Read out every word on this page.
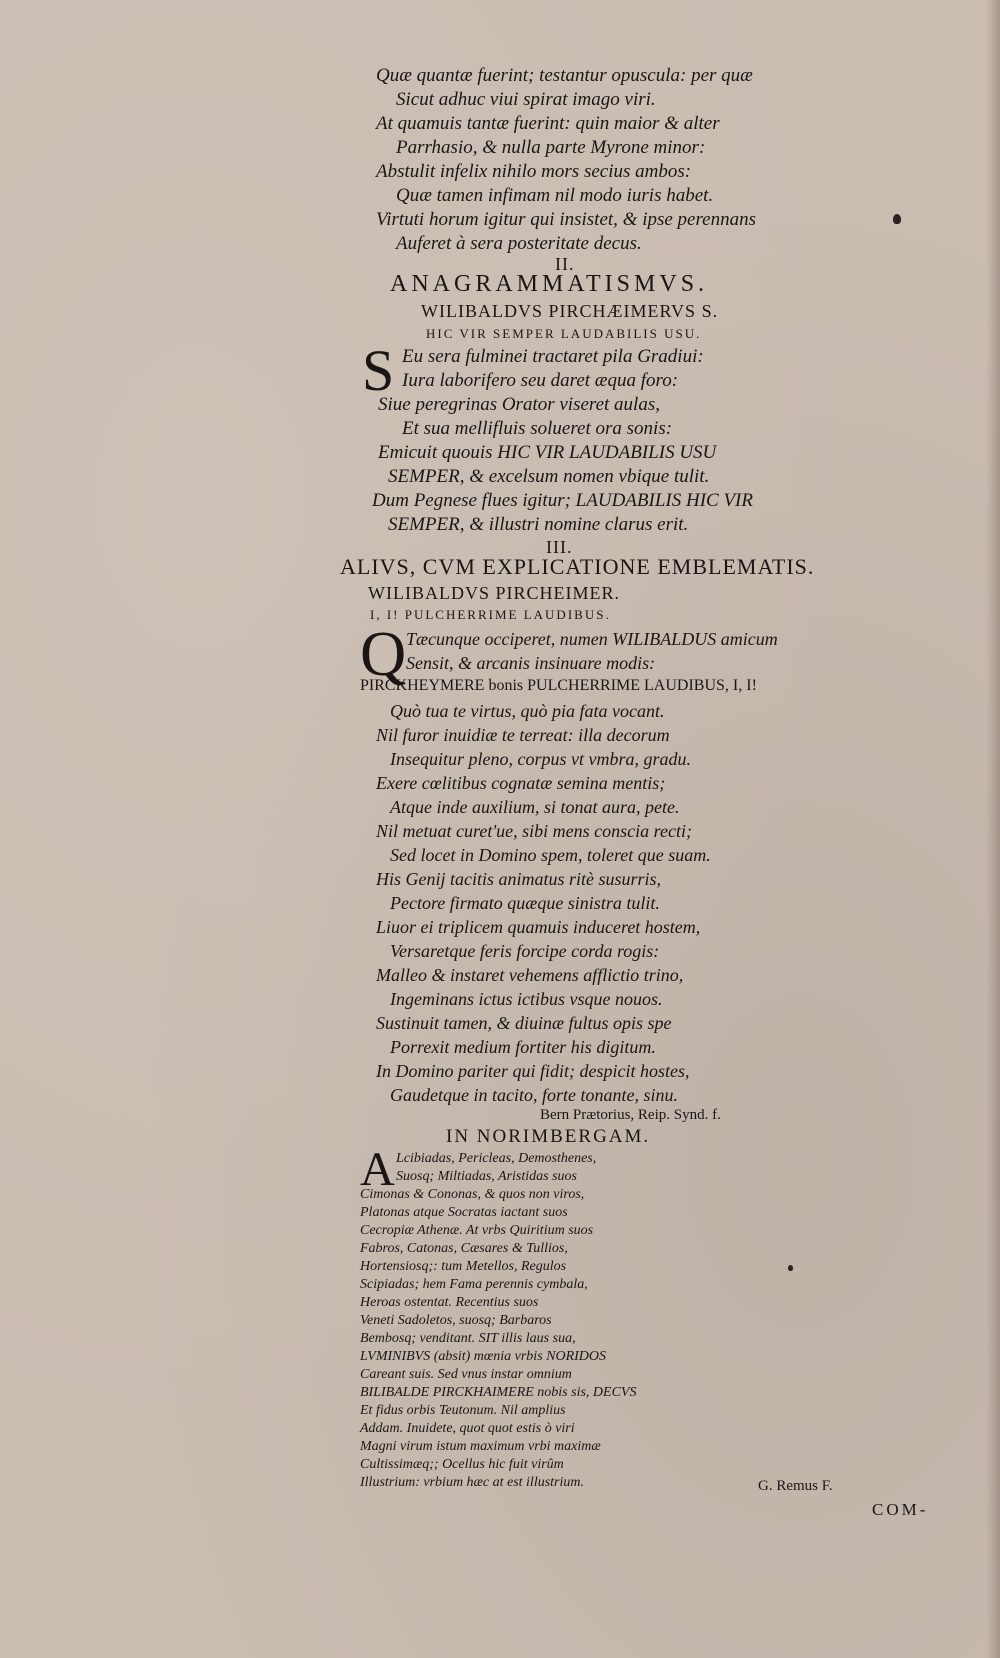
Quæ quantæ fuerint; testantur opuscula: per quæ
Sicut adhuc viui spirat imago viri.
At quamuis tantæ fuerint: quin maior & alter
Parrhasio, & nulla parte Myrone minor:
Abstulit infelix nihilo mors secius ambos:
Quæ tamen infimam nil modo iuris habet.
Virtuti horum igitur qui insistet, & ipse perennans
Auferet à sera posteritate decus.
II.
ANAGRAMMATISMVS.
WILIBALDVS PIRCHÆIMERVS S.
HIC VIR SEMPER LAUDABILIS USU.
S Eu sera fulminei tractaret pila Gradiui:
Iura laborifero seu daret æqua foro:
Siue peregrinas Orator viseret aulas,
Et sua mellifluis solueret ora sonis:
Emicuit quouis HIC VIR LAUDABILIS USU
SEMPER, & excelsum nomen vbique tulit.
Dum Pegnese flues igitur; LAUDABILIS HIC VIR
SEMPER, & illustri nomine clarus erit.
III.
ALIVS, CVM EXPLICATIONE EMBLEMATIS.
WILIBALDVS PIRCHEIMER.
I, I! PULCHERRIME LAUDIBUS.
Q Tæcunque occiperet, numen WILIBALDUS amicum
Sensit, & arcanis insinuare modis:
PIRCKHEYMERE bonis PULCHERRIME LAUDIBUS, I, I!
Quò tua te virtus, quò pia fata vocant.
Nil furor inuidiæ te terreat: illa decorum
Insequitur pleno, corpus vt vmbra, gradu.
Exere cœlitibus cognatæ semina mentis;
Atque inde auxilium, si tonat aura, pete.
Nil metuat curet'ue, sibi mens conscia recti;
Sed locet in Domino spem, toleret que suam.
His Genij tacitis animatus ritè susurris,
Pectore firmato quæque sinistra tulit.
Liuor ei triplicem quamuis induceret hostem,
Versaretque feris forcipe corda rogis:
Malleo & instaret vehemens afflictio trino,
Ingeminans ictus ictibus vsque nouos.
Sustinuit tamen, & diuinæ fultus opis spe
Porrexit medium fortiter his digitum.
In Domino pariter qui fidit; despicit hostes,
Gaudetque in tacito, forte tonante, sinu.
Bern Prætorius, Reip. Synd. f.
IN NORIMBERGAM.
A Lcibiadas, Pericleas, Demosthenes,
Suosq; Miltiadas, Aristidas suos
Cimonas & Cononas, & quos non viros,
Platonas atque Socratas iactant suos
Cecropiæ Athenæ. At vrbs Quiritium suos
Fabros, Catonas, Cæsares & Tullios,
Hortensiosq;: tum Metellos, Regulos
Scipiadas; hem Fama perennis cymbala,
Heroas ostentat. Recentius suos
Veneti Sadoletos, suosq; Barbaros
Bembosq; venditant. SIT illis laus sua,
LVMINIBVS (absit) mœnia vrbis NORIDOS
Careant suis. Sed vnus instar omnium
BILIBALDE PIRCKHAIMERE nobis sis, DECVS
Et fidus orbis Teutonum. Nil amplius
Addam. Inuidete, quot quot estis ò viri
Magni virum istum maximum vrbi maximæ
Cultissimæq;; Ocellus hic fuit virûm
Illustrium: vrbium hæc at est illustrium.	G. Remus F.
COM-
